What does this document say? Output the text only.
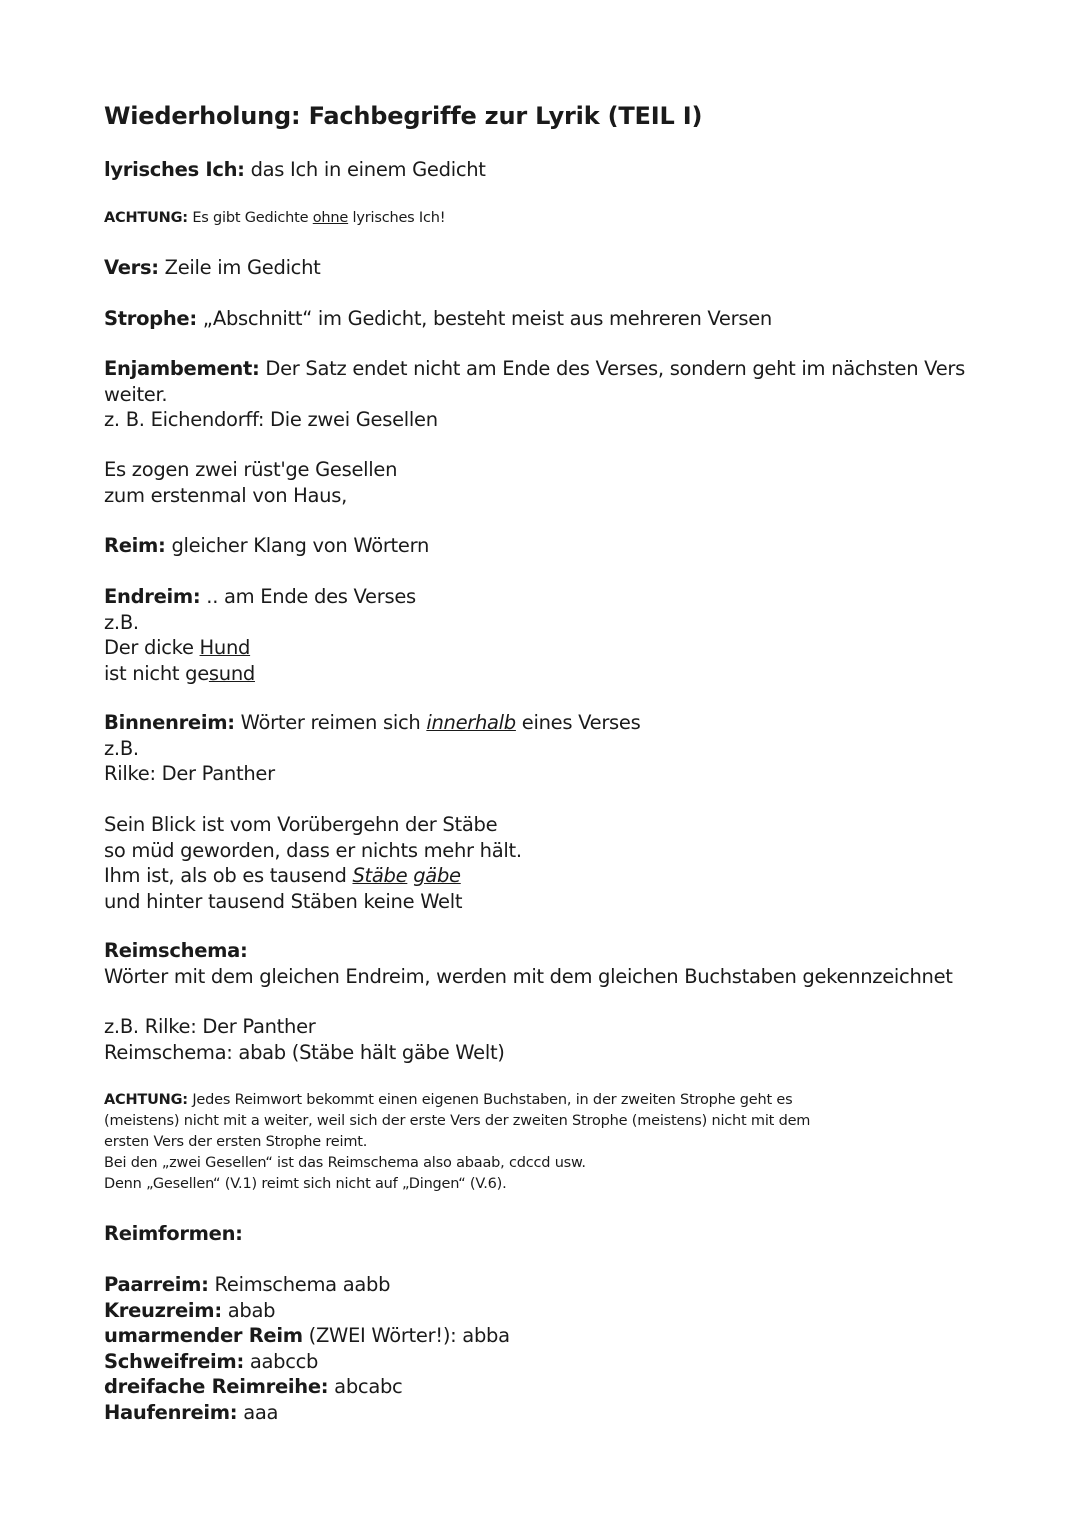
Wiederholung: Fachbegriffe zur Lyrik (TEIL I)
lyrisches Ich: das Ich in einem Gedicht
ACHTUNG: Es gibt Gedichte ohne lyrisches Ich!
Vers: Zeile im Gedicht
Strophe: „Abschnitt“ im Gedicht, besteht meist aus mehreren Versen
Enjambement: Der Satz endet nicht am Ende des Verses, sondern geht im nächsten Vers
weiter.
z. B. Eichendorff: Die zwei Gesellen
Es zogen zwei rüst'ge Gesellen
zum erstenmal von Haus,
Reim: gleicher Klang von Wörtern
Endreim: .. am Ende des Verses
z.B.
Der dicke Hund
ist nicht gesund
Binnenreim: Wörter reimen sich innerhalb eines Verses
z.B.
Rilke: Der Panther
Sein Blick ist vom Vorübergehn der Stäbe
so müd geworden, dass er nichts mehr hält.
Ihm ist, als ob es tausend Stäbe gäbe
und hinter tausend Stäben keine Welt
Reimschema:
Wörter mit dem gleichen Endreim, werden mit dem gleichen Buchstaben gekennzeichnet
z.B. Rilke: Der Panther
Reimschema: abab (Stäbe hält gäbe Welt)
ACHTUNG: Jedes Reimwort bekommt einen eigenen Buchstaben, in der zweiten Strophe geht es
(meistens) nicht mit a weiter, weil sich der erste Vers der zweiten Strophe (meistens) nicht mit dem
ersten Vers der ersten Strophe reimt.
Bei den „zwei Gesellen“ ist das Reimschema also abaab, cdccd usw.
Denn „Gesellen“ (V.1) reimt sich nicht auf „Dingen“ (V.6).
Reimformen:
Paarreim: Reimschema aabb
Kreuzreim: abab
umarmender Reim (ZWEI Wörter!): abba
Schweifreim: aabccb
dreifache Reimreihe: abcabc
Haufenreim: aaa
